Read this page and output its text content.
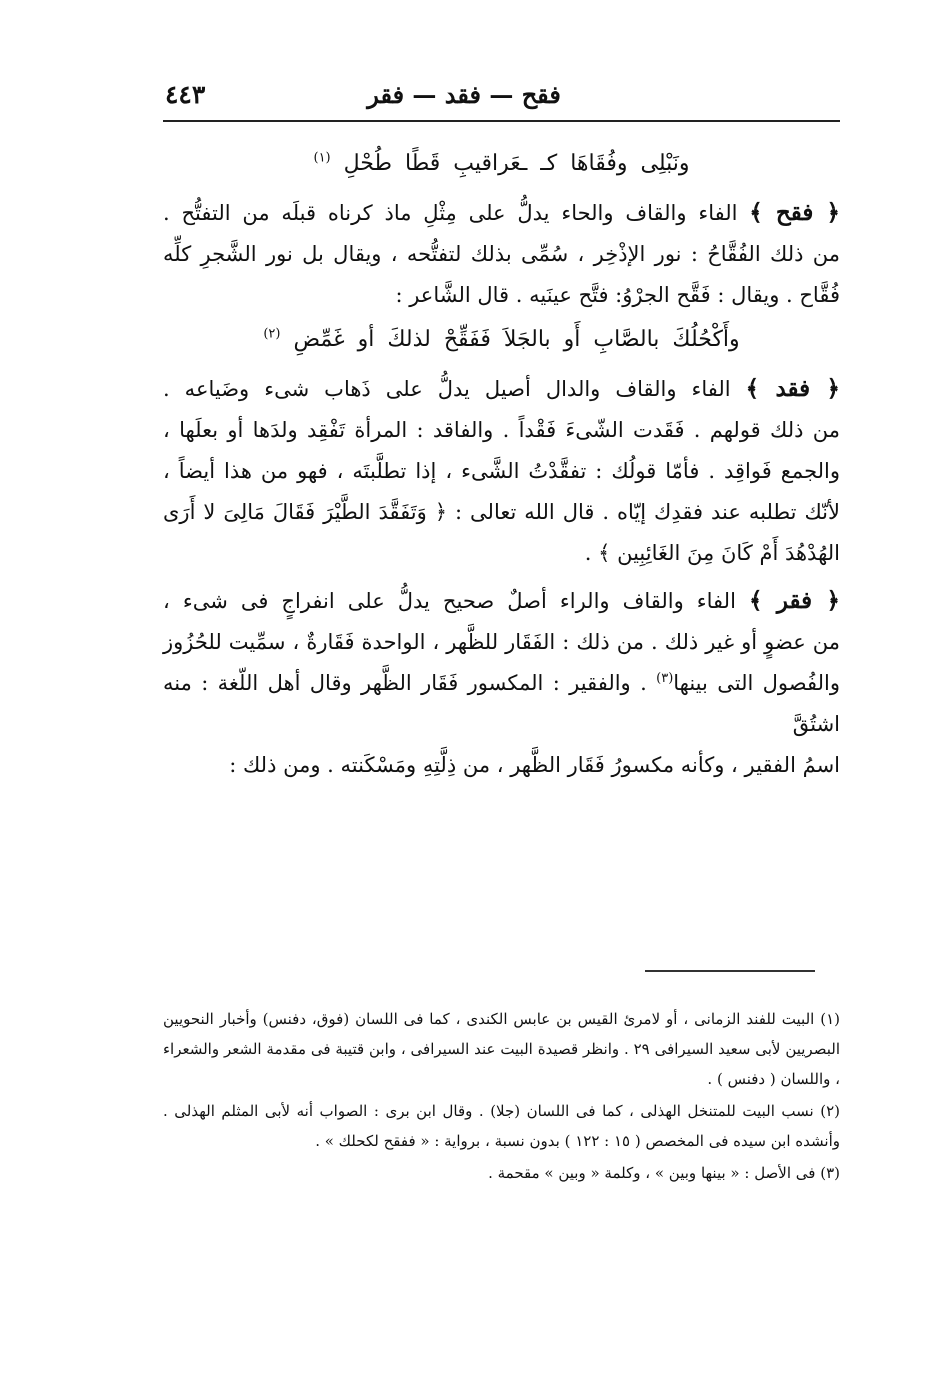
فقح — فقد — فقر
٤٤٣
ونَبْلِى وفُقَاهَا كـ ـعَراقيبِ قَطًا طُحْلِ $^{(١)}$
﴿ فقح ﴾ الفاء والقاف والحاء يدلُّ على مِثْلِ ماذ كرناه قبلَه من التفتُّح .
من ذلك الفُقَّاحُ : نور الإذْخِر ، سُمِّى بذلك لتفتُّحه ، ويقال بل نور الشَّجرِ كلِّه
فُقَّاح . ويقال : فَقَّح الجرْوُ: فتَّح عينَيه . قال الشَّاعر :
وأَكْحُلُكَ بالصَّابِ أَو بالجَلاَ فَفَقِّحْ لذلكَ أو غَمِّضِ $^{(٢)}$
﴿ فقد ﴾ الفاء والقاف والدال أصيل يدلُّ على ذَهاب شىء وضَياعه .
من ذلك قولهم . فَقَدت الشّىءَ فَقْداً . والفاقد : المرأة تَفْقِد ولدَها أو بعلَها ،
والجمع فَواقِد . فأمّا قولُك : تفقَّدْتُ الشَّىء ، إذا تطلَّبتَه ، فهو من هذا أيضاً ،
لأنّك تطلبه عند فقدِك إيّاه . قال الله تعالى : ﴿ وَتَفَقَّدَ الطَّيْرَ فَقَالَ مَالِىَ لا أَرَى
الهُدْهُدَ أَمْ كَانَ مِنَ الغَائِبِين ﴾ .
﴿ فقر ﴾ الفاء والقاف والراء أصلٌ صحيح يدلُّ على انفراجٍ فى شىء ،
من عضوٍ أو غير ذلك . من ذلك : الفَقَار للظَّهر ، الواحدة فَقَارةٌ ، سمِّيت للحُزُوز
والفُصول التى بينها$^{(٣)}$ . والفقير : المكسور فَقَار الظَّهر وقال أهل اللّغة : منه اشتُقَّ
اسمُ الفقير ، وكأنه مكسورُ فَقَار الظَّهر ، من ذِلَّتِهِ ومَسْكَنته . ومن ذلك :

(١) البيت للفند الزمانى ، أو لامرئ القيس بن عابس الكندى ، كما فى اللسان (فوق، دفنس) وأخبار النحويين البصريين لأبى سعيد السيرافى ٢٩ . وانظر قصيدة البيت عند السيرافى ، وابن قتيبة فى مقدمة الشعر والشعراء ، واللسان ( دفنس ) .

(٢) نسب البيت للمتنخل الهذلى ، كما فى اللسان (جلا) . وقال ابن برى : الصواب أنه لأبى المثلم الهذلى . وأنشده ابن سيده فى المخصص ( ١٥ : ١٢٢ ) بدون نسبة ، برواية : « ففقح لكحلك » .

(٣) فى الأصل : « بينها وبين » ، وكلمة « وبين » مقحمة .
